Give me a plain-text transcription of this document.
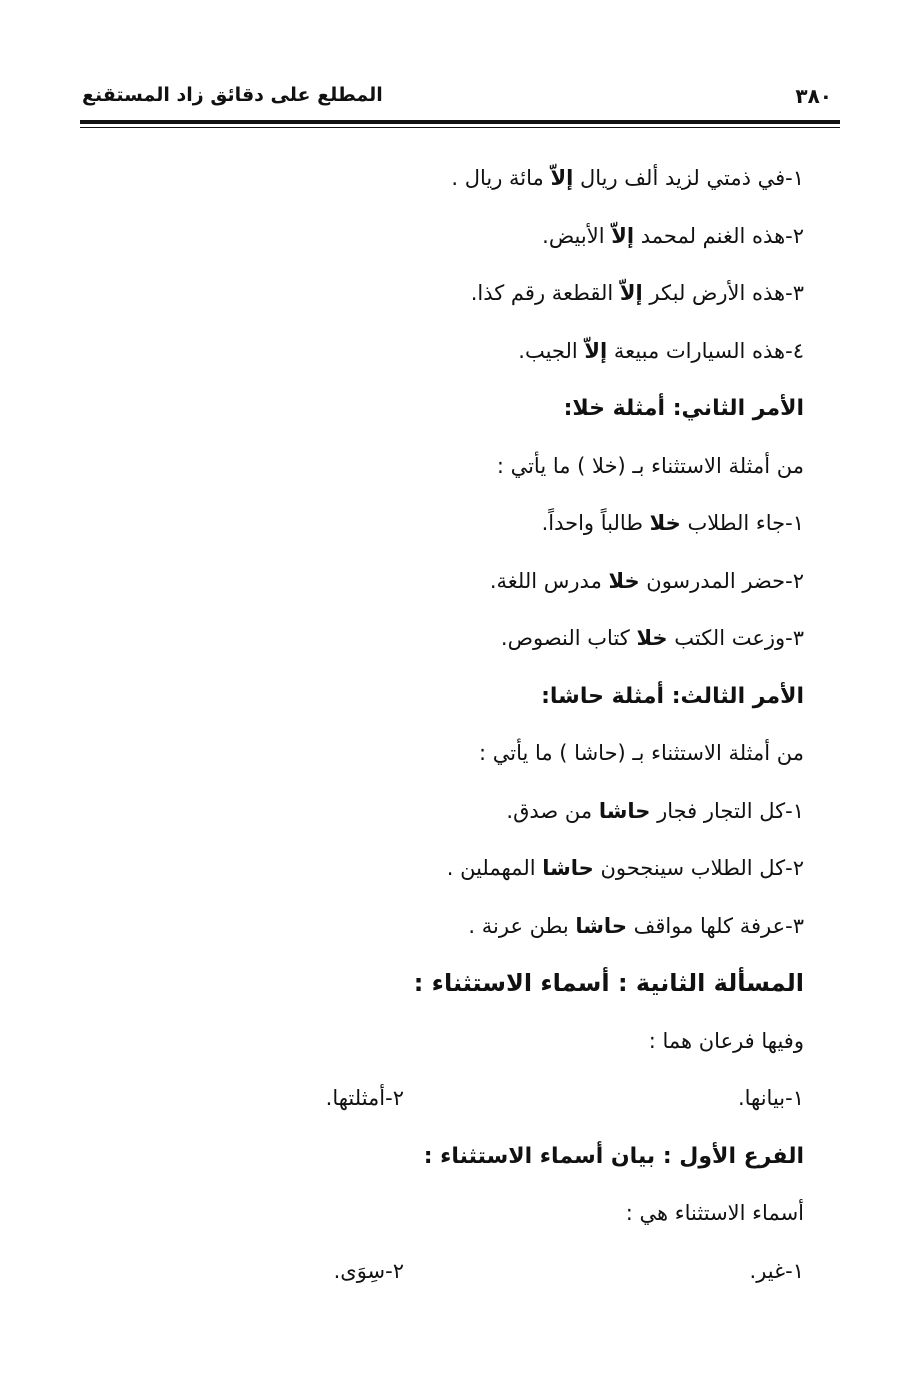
٣٨٠
المطلع على دقائق زاد المستقنع
١-في ذمتي لزيد ألف ريال إلاّ مائة ريال .
٢-هذه الغنم لمحمد إلاّ الأبيض.
٣-هذه الأرض لبكر إلاّ القطعة رقم كذا.
٤-هذه السيارات مبيعة إلاّ الجيب.
الأمر الثاني: أمثلة خلا:
من أمثلة الاستثناء بـ (خلا ) ما يأتي :
١-جاء الطلاب خلا طالباً واحداً.
٢-حضر المدرسون خلا مدرس اللغة.
٣-وزعت الكتب خلا كتاب النصوص.
الأمر الثالث: أمثلة حاشا:
من أمثلة الاستثناء بـ (حاشا ) ما يأتي :
١-كل التجار فجار حاشا من صدق.
٢-كل الطلاب سينجحون حاشا المهملين .
٣-عرفة كلها مواقف حاشا بطن عرنة .
المسألة الثانية : أسماء الاستثناء :
وفيها فرعان هما :
١-بيانها.
٢-أمثلتها.
الفرع الأول : بيان أسماء الاستثناء :
أسماء الاستثناء هي :
١-غير.
٢-سِوَى.
